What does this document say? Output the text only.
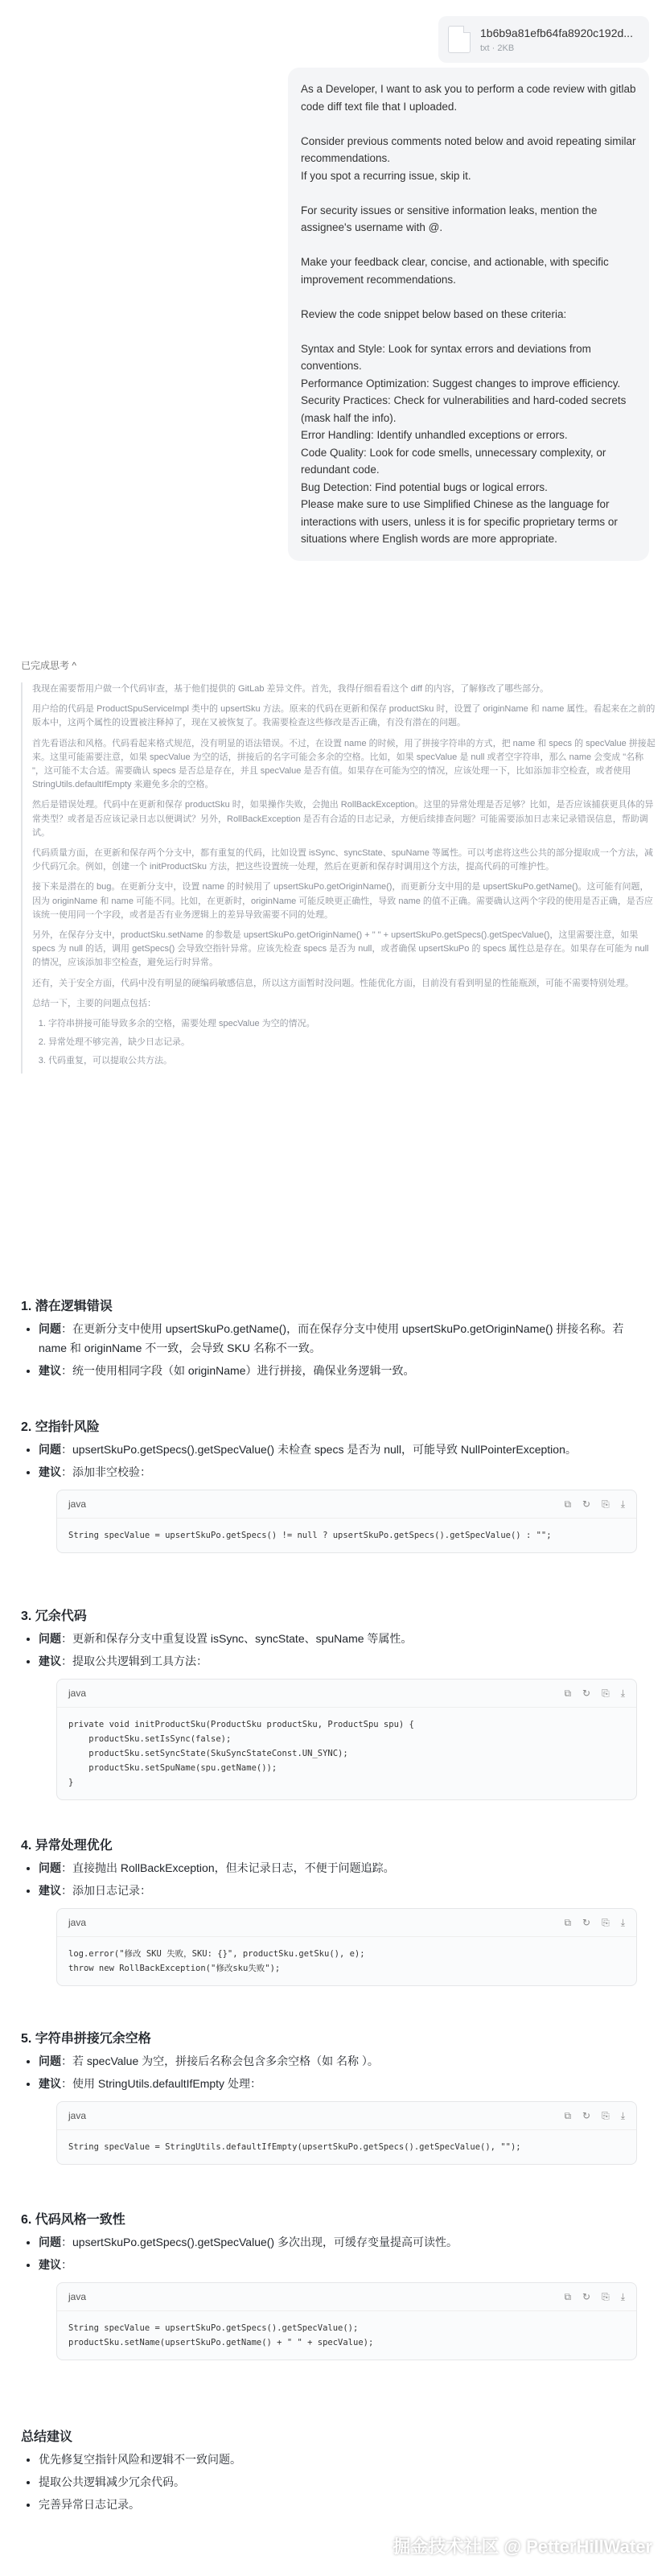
1b6b9a81efb64fa8920c192d...
txt · 2KB

As a Developer, I want to ask you to perform a code review with gitlab code diff text file that I uploaded.

Consider previous comments noted below and avoid repeating similar recommendations.
If you spot a recurring issue, skip it.

For security issues or sensitive information leaks, mention the assignee's username with @.

Make your feedback clear, concise, and actionable, with specific improvement recommendations.

Review the code snippet below based on these criteria:

Syntax and Style: Look for syntax errors and deviations from conventions.
Performance Optimization: Suggest changes to improve efficiency.
Security Practices: Check for vulnerabilities and hard-coded secrets (mask half the info).
Error Handling: Identify unhandled exceptions or errors.
Code Quality: Look for code smells, unnecessary complexity, or redundant code.
Bug Detection: Find potential bugs or logical errors.
Please make sure to use Simplified Chinese as the language for interactions with users, unless it is for specific proprietary terms or situations where English words are more appropriate.

已完成思考 ^

我现在需要帮用户做一个代码审查，基于他们提供的 GitLab 差异文件。首先，我得仔细看看这个 diff 的内容，了解修改了哪些部分。

用户给的代码是 ProductSpuServiceImpl 类中的 upsertSku 方法。原来的代码在更新和保存 productSku 时，设置了 originName 和 name 属性。看起来在之前的版本中，这两个属性的设置被注释掉了，现在又被恢复了。我需要检查这些修改是否正确，有没有潜在的问题。

首先看语法和风格。代码看起来格式规范，没有明显的语法错误。不过，在设置 name 的时候，用了拼接字符串的方式，把 name 和 specs 的 specValue 拼接起来。这里可能需要注意，如果 specValue 为空的话，拼接后的名字可能会多余的空格。比如，如果 specValue 是 null 或者空字符串，那么 name 会变成 "名称 "，这可能不太合适。需要确认 specs 是否总是存在，并且 specValue 是否有值。如果存在可能为空的情况，应该处理一下，比如添加非空检查，或者使用 StringUtils.defaultIfEmpty 来避免多余的空格。

然后是错误处理。代码中在更新和保存 productSku 时，如果操作失败，会抛出 RollBackException。这里的异常处理是否足够？比如，是否应该捕获更具体的异常类型？或者是否应该记录日志以便调试？另外，RollBackException 是否有合适的日志记录，方便后续排查问题？可能需要添加日志来记录错误信息，帮助调试。

代码质量方面，在更新和保存两个分支中，都有重复的代码，比如设置 isSync、syncState、spuName 等属性。可以考虑将这些公共的部分提取成一个方法，减少代码冗余。例如，创建一个 initProductSku 方法，把这些设置统一处理，然后在更新和保存时调用这个方法，提高代码的可维护性。

接下来是潜在的 bug。在更新分支中，设置 name 的时候用了 upsertSkuPo.getOriginName()，而更新分支中用的是 upsertSkuPo.getName()。这可能有问题，因为 originName 和 name 可能不同。比如，在更新时，originName 可能反映更正确性，导致 name 的值不正确。需要确认这两个字段的使用是否正确，是否应该统一使用同一个字段，或者是否有业务逻辑上的差异导致需要不同的处理。

另外，在保存分支中，productSku.setName 的参数是 upsertSkuPo.getOriginName() + " " + upsertSkuPo.getSpecs().getSpecValue()，这里需要注意，如果 specs 为 null 的话，调用 getSpecs() 会导致空指针异常。应该先检查 specs 是否为 null，或者确保 upsertSkuPo 的 specs 属性总是存在。如果存在可能为 null 的情况，应该添加非空检查，避免运行时异常。

还有，关于安全方面，代码中没有明显的硬编码敏感信息，所以这方面暂时没问题。性能优化方面，目前没有看到明显的性能瓶颈，可能不需要特别处理。

总结一下，主要的问题点包括：

1. 字符串拼接可能导致多余的空格，需要处理 specValue 为空的情况。
2. 异常处理不够完善，缺少日志记录。
3. 代码重复，可以提取公共方法。
1. 潜在逻辑错误
• 问题：在更新分支中使用 upsertSkuPo.getName()，而在保存分支中使用 upsertSkuPo.getOriginName() 拼接名称。若 name 和 originName 不一致，会导致 SKU 名称不一致。
• 建议：统一使用相同字段（如 originName）进行拼接，确保业务逻辑一致。
2. 空指针风险
• 问题：upsertSkuPo.getSpecs().getSpecValue() 未检查 specs 是否为 null，可能导致 NullPointerException。
• 建议：添加非空校验：
java	⧉ ↻ ⎘ ⤓
String specValue = upsertSkuPo.getSpecs() != null ? upsertSkuPo.getSpecs().getSpecValue() : "";
3. 冗余代码
• 问题：更新和保存分支中重复设置 isSync、syncState、spuName 等属性。
• 建议：提取公共逻辑到工具方法：
java	⧉ ↻ ⎘ ⤓
private void initProductSku(ProductSku productSku, ProductSpu spu) {
productSku.setIsSync(false);
productSku.setSyncState(SkuSyncStateConst.UN_SYNC);
productSku.setSpuName(spu.getName());
}
4. 异常处理优化
• 问题：直接抛出 RollBackException，但未记录日志，不便于问题追踪。
• 建议：添加日志记录：
java	⧉ ↻ ⎘ ⤓
log.error("修改 SKU 失败，SKU: {}", productSku.getSku(), e);
throw new RollBackException("修改sku失败");
5. 字符串拼接冗余空格
• 问题：若 specValue 为空，拼接后名称会包含多余空格（如 名称 ）。
• 建议：使用 StringUtils.defaultIfEmpty 处理：
java	⧉ ↻ ⎘ ⤓
String specValue = StringUtils.defaultIfEmpty(upsertSkuPo.getSpecs().getSpecValue(), "");
6. 代码风格一致性
• 问题：upsertSkuPo.getSpecs().getSpecValue() 多次出现，可缓存变量提高可读性。
• 建议：
java	⧉ ↻ ⎘ ⤓
String specValue = upsertSkuPo.getSpecs().getSpecValue();
productSku.setName(upsertSkuPo.getName() + " " + specValue);
总结建议
• 优先修复空指针风险和逻辑不一致问题。
• 提取公共逻辑减少冗余代码。
• 完善异常日志记录。
掘金技术社区 @ PetterHillWater
